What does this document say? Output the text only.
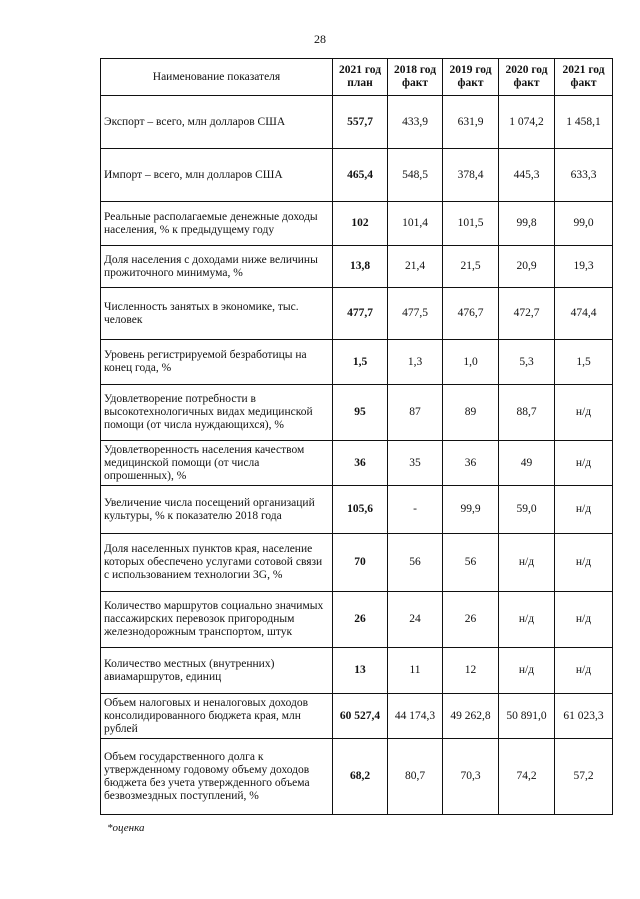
28
Наименование показателя	2021 год план	2018 год факт	2019 год факт	2020 год факт	2021 год факт
Экспорт – всего, млн долларов США	557,7	433,9	631,9	1 074,2	1 458,1
Импорт – всего, млн долларов США	465,4	548,5	378,4	445,3	633,3
Реальные располагаемые денежные доходы населения, % к предыдущему году	102	101,4	101,5	99,8	99,0
Доля населения с доходами ниже величины прожиточного минимума, %	13,8	21,4	21,5	20,9	19,3
Численность занятых в экономике, тыс. человек	477,7	477,5	476,7	472,7	474,4
Уровень регистрируемой безработицы на конец года, %	1,5	1,3	1,0	5,3	1,5
Удовлетворение потребности в высокотехнологичных видах медицинской помощи (от числа нуждающихся), %	95	87	89	88,7	н/д
Удовлетворенность населения качеством медицинской помощи (от числа опрошенных), %	36	35	36	49	н/д
Увеличение числа посещений организаций культуры, % к показателю 2018 года	105,6	-	99,9	59,0	н/д
Доля населенных пунктов края, население которых обеспечено услугами сотовой связи с использованием технологии 3G, %	70	56	56	н/д	н/д
Количество маршрутов социально значимых пассажирских перевозок пригородным железнодорожным транспортом, штук	26	24	26	н/д	н/д
Количество местных (внутренних) авиамаршрутов, единиц	13	11	12	н/д	н/д
Объем налоговых и неналоговых доходов консолидированного бюджета края, млн рублей	60 527,4	44 174,3	49 262,8	50 891,0	61 023,3
Объем государственного долга к утвержденному годовому объему доходов бюджета без учета утвержденного объема безвозмездных поступлений, %	68,2	80,7	70,3	74,2	57,2
*оценка
